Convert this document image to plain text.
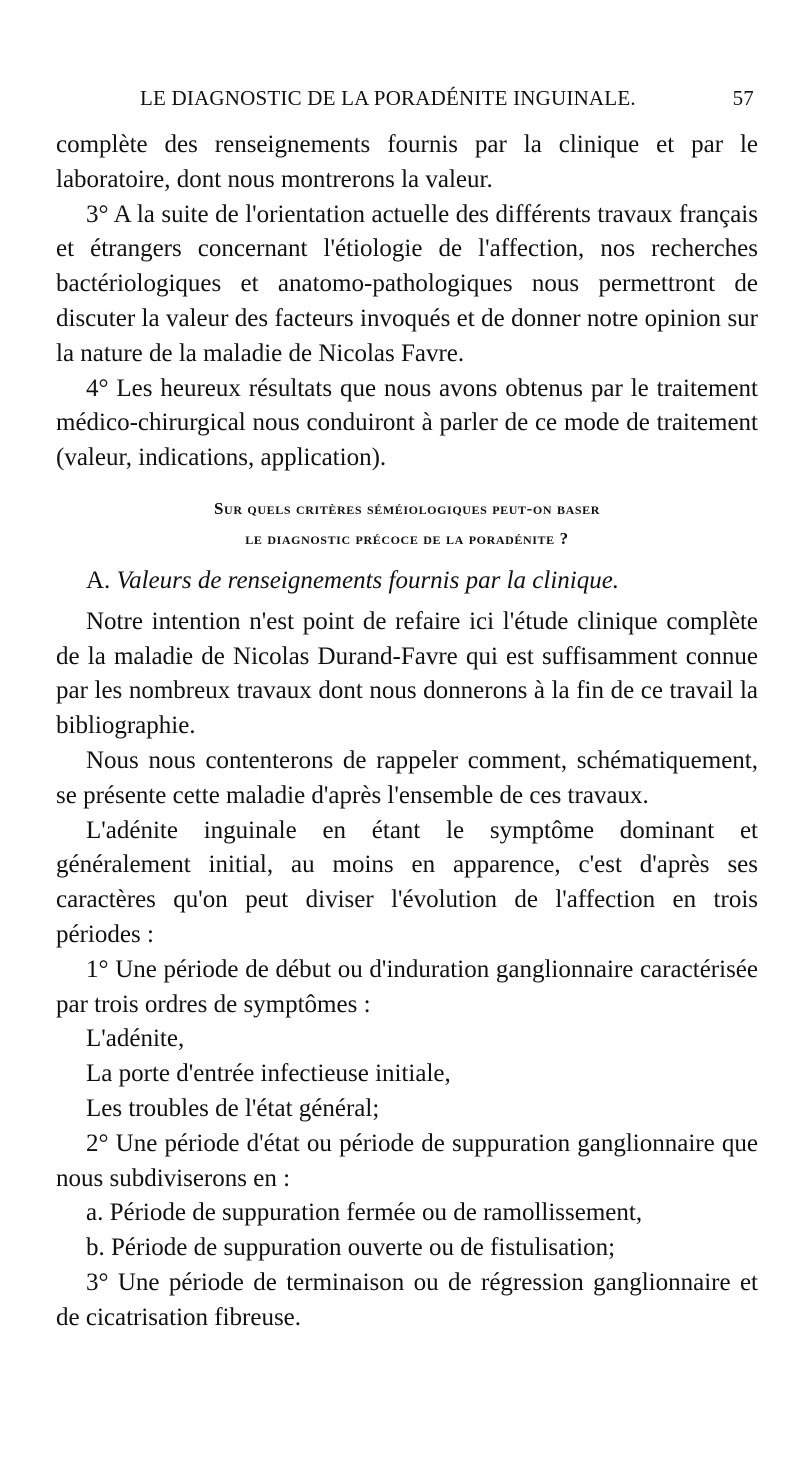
LE DIAGNOSTIC DE LA PORADÉNITE INGUINALE.	57

complète des renseignements fournis par la clinique et par le laboratoire, dont nous montrerons la valeur.

3° A la suite de l'orientation actuelle des différents travaux français et étrangers concernant l'étiologie de l'affection, nos recherches bactériologiques et anatomo-pathologiques nous permettront de discuter la valeur des facteurs invoqués et de donner notre opinion sur la nature de la maladie de Nicolas Favre.

4° Les heureux résultats que nous avons obtenus par le traitement médico-chirurgical nous conduiront à parler de ce mode de traitement (valeur, indications, application).

Sur quels critères séméiologiques peut-on baser
le diagnostic précoce de la poradénite ?
A. Valeurs de renseignements fournis par la clinique.

Notre intention n'est point de refaire ici l'étude clinique complète de la maladie de Nicolas Durand-Favre qui est suffisamment connue par les nombreux travaux dont nous donnerons à la fin de ce travail la bibliographie.

Nous nous contenterons de rappeler comment, schématiquement, se présente cette maladie d'après l'ensemble de ces travaux.

L'adénite inguinale en étant le symptôme dominant et généralement initial, au moins en apparence, c'est d'après ses caractères qu'on peut diviser l'évolution de l'affection en trois périodes :

1° Une période de début ou d'induration ganglionnaire caractérisée par trois ordres de symptômes :

L'adénite,

La porte d'entrée infectieuse initiale,

Les troubles de l'état général;

2° Une période d'état ou période de suppuration ganglionnaire que nous subdiviserons en :

a. Période de suppuration fermée ou de ramollissement,

b. Période de suppuration ouverte ou de fistulisation;

3° Une période de terminaison ou de régression ganglionnaire et de cicatrisation fibreuse.
